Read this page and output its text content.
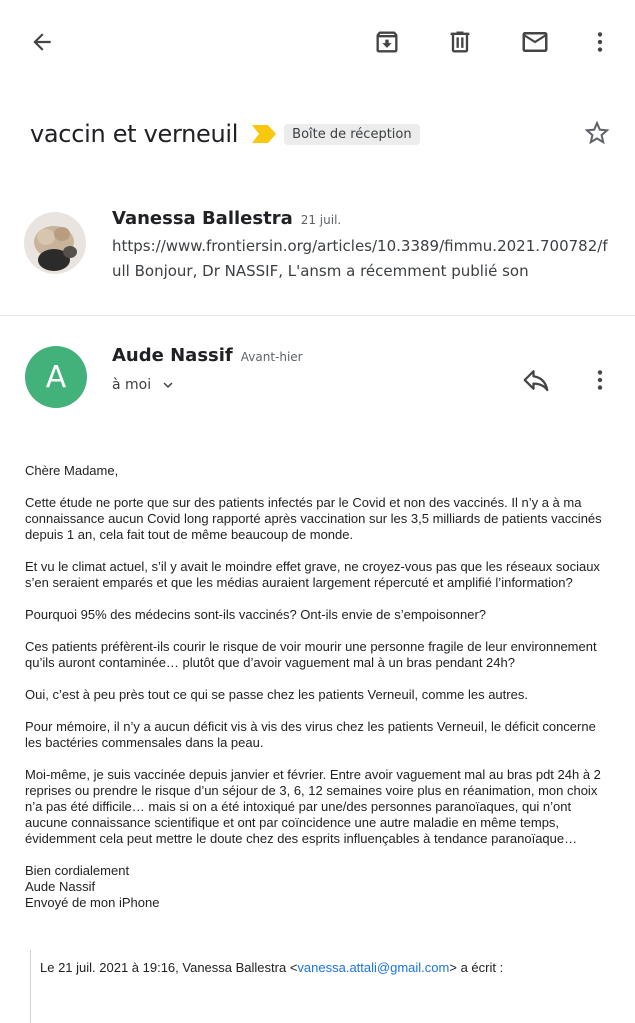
vaccin et verneuil	Boîte de réception
Vanessa Ballestra 21 juil.
https://www.frontiersin.org/articles/10.3389/fimmu.2021.700782/full Bonjour, Dr NASSIF, L'ansm a récemment publié son
A
Aude Nassif Avant-hier
à moi

Chère Madame,

Cette étude ne porte que sur des patients infectés par le Covid et non des vaccinés. Il n’y a à ma connaissance aucun Covid long rapporté après vaccination sur les 3,5 milliards de patients vaccinés depuis 1 an, cela fait tout de même beaucoup de monde.

Et vu le climat actuel, s’il y avait le moindre effet grave, ne croyez-vous pas que les réseaux sociaux s’en seraient emparés et que les médias auraient largement répercuté et amplifié l’information?

Pourquoi 95% des médecins sont-ils vaccinés? Ont-ils envie de s’empoisonner?

Ces patients préfèrent-ils courir le risque de voir mourir une personne fragile de leur environnement qu’ils auront contaminée… plutôt que d’avoir vaguement mal à un bras pendant 24h?

Oui, c’est à peu près tout ce qui se passe chez les patients Verneuil, comme les autres.

Pour mémoire, il n’y a aucun déficit vis à vis des virus chez les patients Verneuil, le déficit concerne les bactéries commensales dans la peau.

Moi-même, je suis vaccinée depuis janvier et février. Entre avoir vaguement mal au bras pdt 24h à 2 reprises ou prendre le risque d’un séjour de 3, 6, 12 semaines voire plus en réanimation, mon choix n’a pas été difficile… mais si on a été intoxiqué par une/des personnes paranoïaques, qui n’ont aucune connaissance scientifique et ont par coïncidence une autre maladie en même temps, évidemment cela peut mettre le doute chez des esprits influençables à tendance paranoïaque…

Bien cordialement
Aude Nassif
Envoyé de mon iPhone
Le 21 juil. 2021 à 19:16, Vanessa Ballestra <vanessa.attali@gmail.com> a écrit :
